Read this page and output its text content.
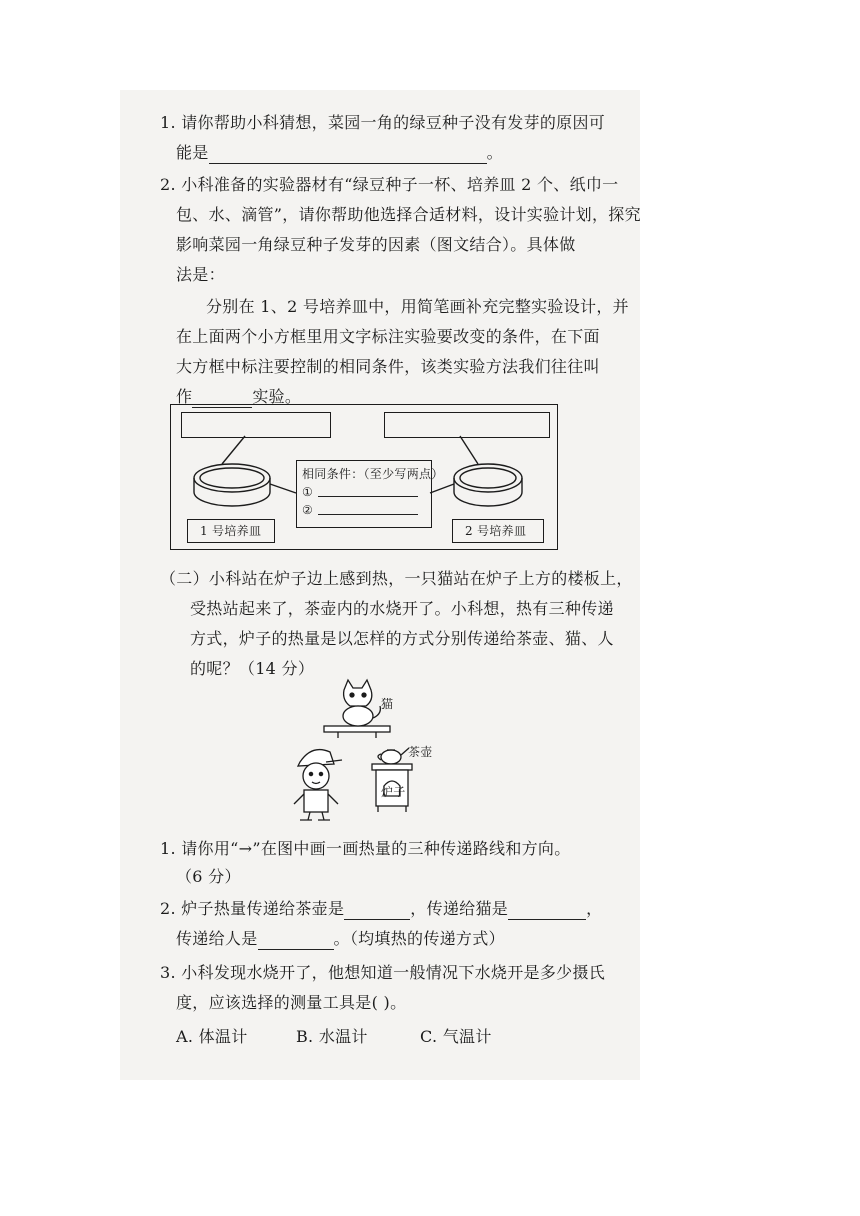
1. 请你帮助小科猜想，菜园一角的绿豆种子没有发芽的原因可
能是	。
2. 小科准备的实验器材有“绿豆种子一杯、培养皿 2 个、纸巾一
包、水、滴管”，请你帮助他选择合适材料，设计实验计划，探究
影响菜园一角绿豆种子发芽的因素（图文结合）。具体做
法是：
分别在 1、2 号培养皿中，用简笔画补充完整实验设计，并
在上面两个小方框里用文字标注实验要改变的条件，在下面
大方框中标注要控制的相同条件，该类实验方法我们往往叫
作	实验。
相同条件：（至少写两点）
①
②
1 号培养皿	2 号培养皿
（二）小科站在炉子边上感到热，一只猫站在炉子上方的楼板上，
受热站起来了，茶壶内的水烧开了。小科想，热有三种传递
方式，炉子的热量是以怎样的方式分别传递给茶壶、猫、人
的呢？（14 分）
猫
茶壶
炉子
1. 请你用“→”在图中画一画热量的三种传递路线和方向。
（6 分）
2. 炉子热量传递给茶壶是	，传递给猫是	，
传递给人是	。（均填热的传递方式）
3. 小科发现水烧开了，他想知道一般情况下水烧开是多少摄氏
度，应该选择的测量工具是( )。
A. 体温计	B. 水温计	C. 气温计
